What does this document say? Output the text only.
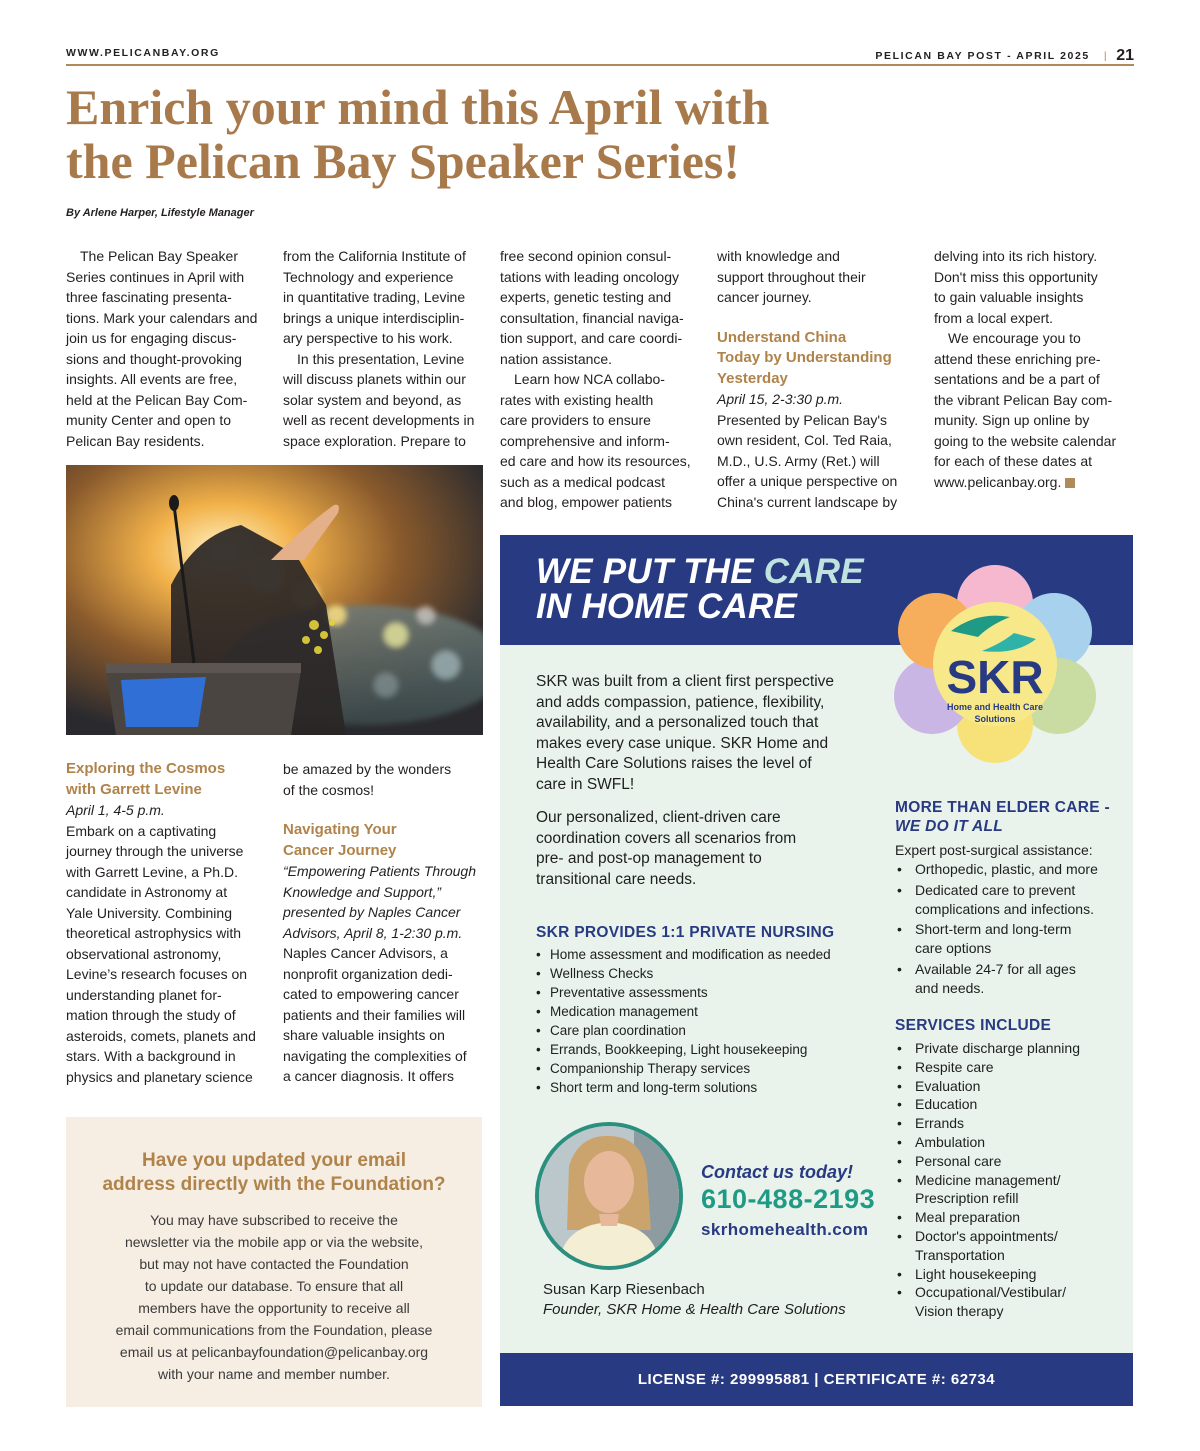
WWW.PELICANBAY.ORG	PELICAN BAY POST - APRIL 2025 | 21
Enrich your mind this April with
the Pelican Bay Speaker Series!
By Arlene Harper, Lifestyle Manager

The Pelican Bay Speaker
Series continues in April with
three fascinating presenta-
tions. Mark your calendars and
join us for engaging discus-
sions and thought-provoking
insights. All events are free,
held at the Pelican Bay Com-
munity Center and open to
Pelican Bay residents.

Exploring the Cosmos
with Garrett Levine

April 1, 4-5 p.m.

Embark on a captivating
journey through the universe
with Garrett Levine, a Ph.D.
candidate in Astronomy at
Yale University. Combining
theoretical astrophysics with
observational astronomy,
Levine’s research focuses on
understanding planet for-
mation through the study of
asteroids, comets, planets and
stars. With a background in
physics and planetary science

from the California Institute of
Technology and experience
in quantitative trading, Levine
brings a unique interdisciplin-
ary perspective to his work.

In this presentation, Levine
will discuss planets within our
solar system and beyond, as
well as recent developments in
space exploration. Prepare to

be amazed by the wonders
of the cosmos!

Navigating Your
Cancer Journey

“Empowering Patients Through
Knowledge and Support,”
presented by Naples Cancer
Advisors, April 8, 1-2:30 p.m.

Naples Cancer Advisors, a
nonprofit organization dedi-
cated to empowering cancer
patients and their families will
share valuable insights on
navigating the complexities of
a cancer diagnosis. It offers

free second opinion consul-
tations with leading oncology
experts, genetic testing and
consultation, financial naviga-
tion support, and care coordi-
nation assistance.

Learn how NCA collabo-
rates with existing health
care providers to ensure
comprehensive and inform-
ed care and how its resources,
such as a medical podcast
and blog, empower patients

with knowledge and
support throughout their
cancer journey.

Understand China
Today by Understanding
Yesterday

April 15, 2-3:30 p.m.

Presented by Pelican Bay's
own resident, Col. Ted Raia,
M.D., U.S. Army (Ret.) will
offer a unique perspective on
China's current landscape by

delving into its rich history.
Don't miss this opportunity
to gain valuable insights
from a local expert.

We encourage you to
attend these enriching pre-
sentations and be a part of
the vibrant Pelican Bay com-
munity. Sign up online by
going to the website calendar
for each of these dates at
www.pelicanbay.org.

Have you updated your email
address directly with the Foundation?
You may have subscribed to receive the
newsletter via the mobile app or via the website,
but may not have contacted the Foundation
to update our database. To ensure that all
members have the opportunity to receive all
email communications from the Foundation, please
email us at pelicanbayfoundation@pelicanbay.org
with your name and member number.
WE PUT THE CARE
IN HOME CARE
SKR
Home and Health Care
Solutions
SKR was built from a client first perspective
and adds compassion, patience, flexibility,
availability, and a personalized touch that
makes every case unique. SKR Home and
Health Care Solutions raises the level of
care in SWFL!
Our personalized, client-driven care
coordination covers all scenarios from
pre- and post-op management to
transitional care needs.
SKR PROVIDES 1:1 PRIVATE NURSING
• Home assessment and modification as needed
• Wellness Checks
• Preventative assessments
• Medication management
• Care plan coordination
• Errands, Bookkeeping, Light housekeeping
• Companionship Therapy services
• Short term and long-term solutions
MORE THAN ELDER CARE -
WE DO IT ALL
Expert post-surgical assistance:
• Orthopedic, plastic, and more
• Dedicated care to prevent
complications and infections.
• Short-term and long-term
care options
• Available 24-7 for all ages
and needs.
SERVICES INCLUDE
• Private discharge planning
• Respite care
• Evaluation
• Education
• Errands
• Ambulation
• Personal care
• Medicine management/
Prescription refill
• Meal preparation
• Doctor's appointments/
Transportation
• Light housekeeping
• Occupational/Vestibular/
Vision therapy
Contact us today!
610-488-2193
skrhomehealth.com
Susan Karp Riesenbach
Founder, SKR Home & Health Care Solutions
LICENSE #: 299995881 | CERTIFICATE #: 62734
